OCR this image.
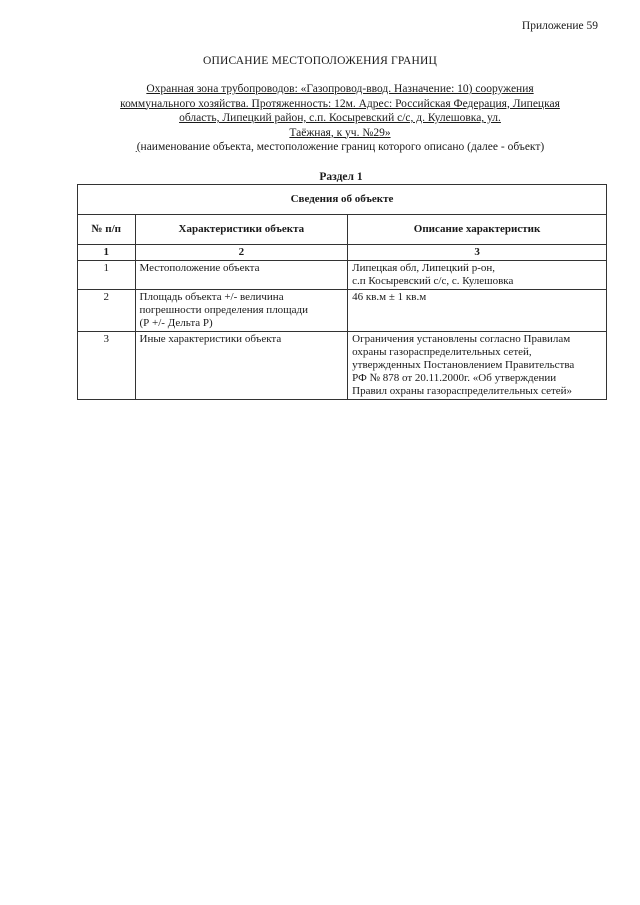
Приложение 59
ОПИСАНИЕ МЕСТОПОЛОЖЕНИЯ ГРАНИЦ
Охранная зона трубопроводов: «Газопровод-ввод. Назначение: 10) сооружения
коммунального хозяйства. Протяженность: 12м. Адрес: Российская Федерация, Липецкая
область, Липецкий район, с.п. Косыревский с/с, д. Кулешовка, ул.
Таёжная, к уч. №29»
 (наименование объекта, местоположение границ которого описано (далее - объект)
Раздел 1
Сведения об объекте		
№ п/п	Характеристики объекта	Описание характеристик
1	2	3
1	Местоположение объекта	Липецкая обл, Липецкий р-он,
с.п Косыревский с/с, с. Кулешовка

2	Площадь объекта +/- величина
погрешности определения площади
(Р +/- Дельта Р)	46 кв.м ± 1 кв.м

3	Иные характеристики объекта	Ограничения установлены согласно Правилам
охраны газораспределительных сетей,
утвержденных Постановлением Правительства
РФ № 878 от 20.11.2000г. «Об утверждении
Правил охраны газораспределительных сетей»
